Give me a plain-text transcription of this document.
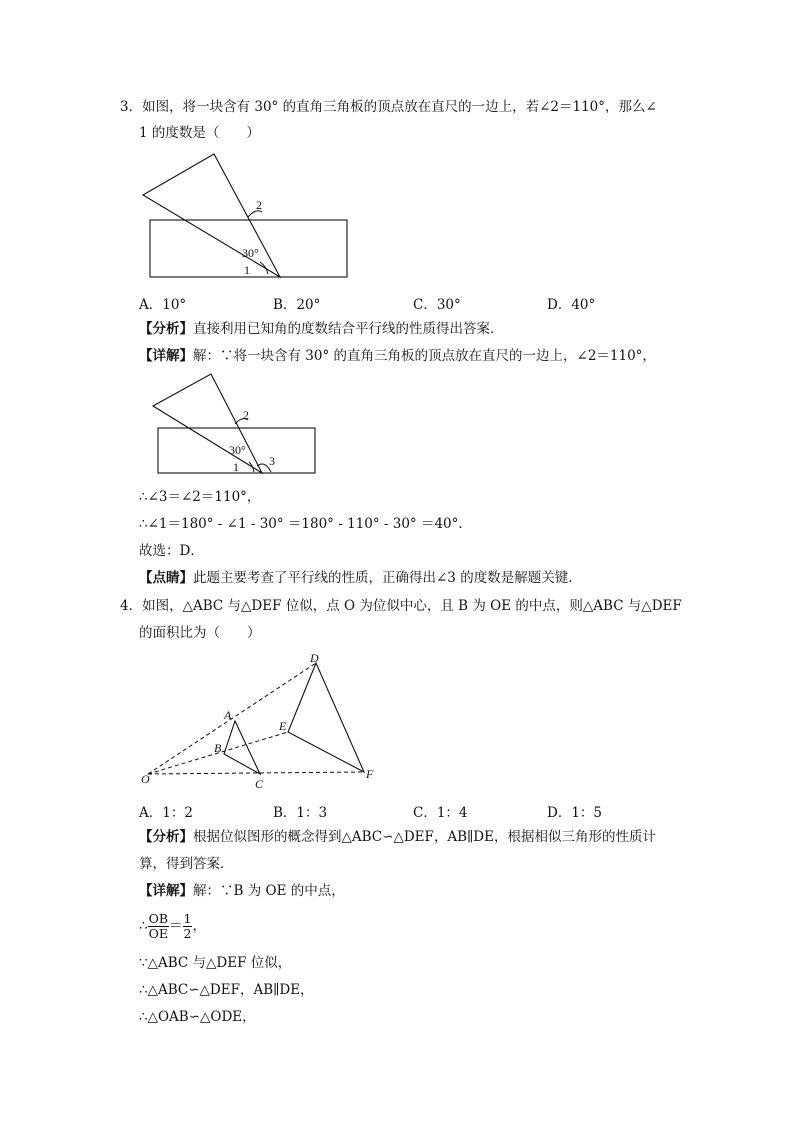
3．如图，将一块含有 30° 的直角三角板的顶点放在直尺的一边上，若∠2＝110°，那么∠
1 的度数是（　　）
2
30°
1
A．10°	B．20°	C．30°	D．40°
【分析】直接利用已知角的度数结合平行线的性质得出答案．
【详解】解：∵将一块含有 30° 的直角三角板的顶点放在直尺的一边上，∠2＝110°，
2
30°
1	3
∴∠3＝∠2＝110°，
∴∠1＝180° - ∠1 - 30° ＝180° - 110° - 30° ＝40°．
故选：D．
【点睛】此题主要考查了平行线的性质，正确得出∠3 的度数是解题关键．
4．如图，△ABC 与△DEF 位似，点 O 为位似中心，且 B 为 OE 的中点，则△ABC 与△DEF
的面积比为（　　）
D
A
E
B
O	C
F
A．1：2	B．1：3	C．1：4	D．1：5
【分析】根据位似图形的概念得到△ABC∽△DEF，AB∥DE，根据相似三角形的性质计
算，得到答案．
【详解】解：∵B 为 OE 的中点，
∴ $\frac{OB}{OE} = \frac{1}{2}$ ，
∵△ABC 与△DEF 位似，
∴△ABC∽△DEF，AB∥DE，
∴△OAB∽△ODE，
